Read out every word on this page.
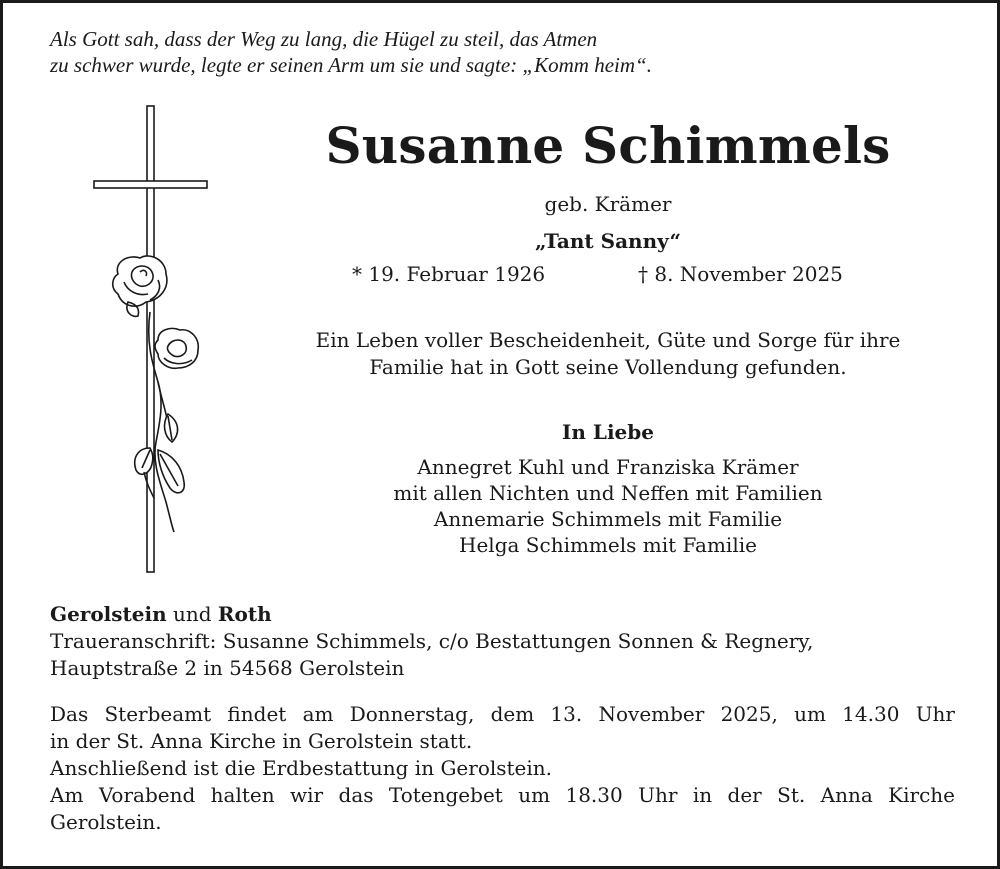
Als Gott sah, dass der Weg zu lang, die Hügel zu steil, das Atmen
zu schwer wurde, legte er seinen Arm um sie und sagte: „Komm heim“.
Susanne Schimmels
geb. Krämer
„Tant Sanny“
* 19. Februar 1926	† 8. November 2025
Ein Leben voller Bescheidenheit, Güte und Sorge für ihre
Familie hat in Gott seine Vollendung gefunden.
In Liebe
Annegret Kuhl und Franziska Krämer
mit allen Nichten und Neffen mit Familien
Annemarie Schimmels mit Familie
Helga Schimmels mit Familie
Gerolstein und Roth
Traueranschrift: Susanne Schimmels, c/o Bestattungen Sonnen & Regnery,
Hauptstraße 2 in 54568 Gerolstein
Das Sterbeamt findet am Donnerstag, dem 13. November 2025, um 14.30 Uhr
in der St. Anna Kirche in Gerolstein statt.
Anschließend ist die Erdbestattung in Gerolstein.
Am Vorabend halten wir das Totengebet um 18.30 Uhr in der St. Anna Kirche
Gerolstein.
